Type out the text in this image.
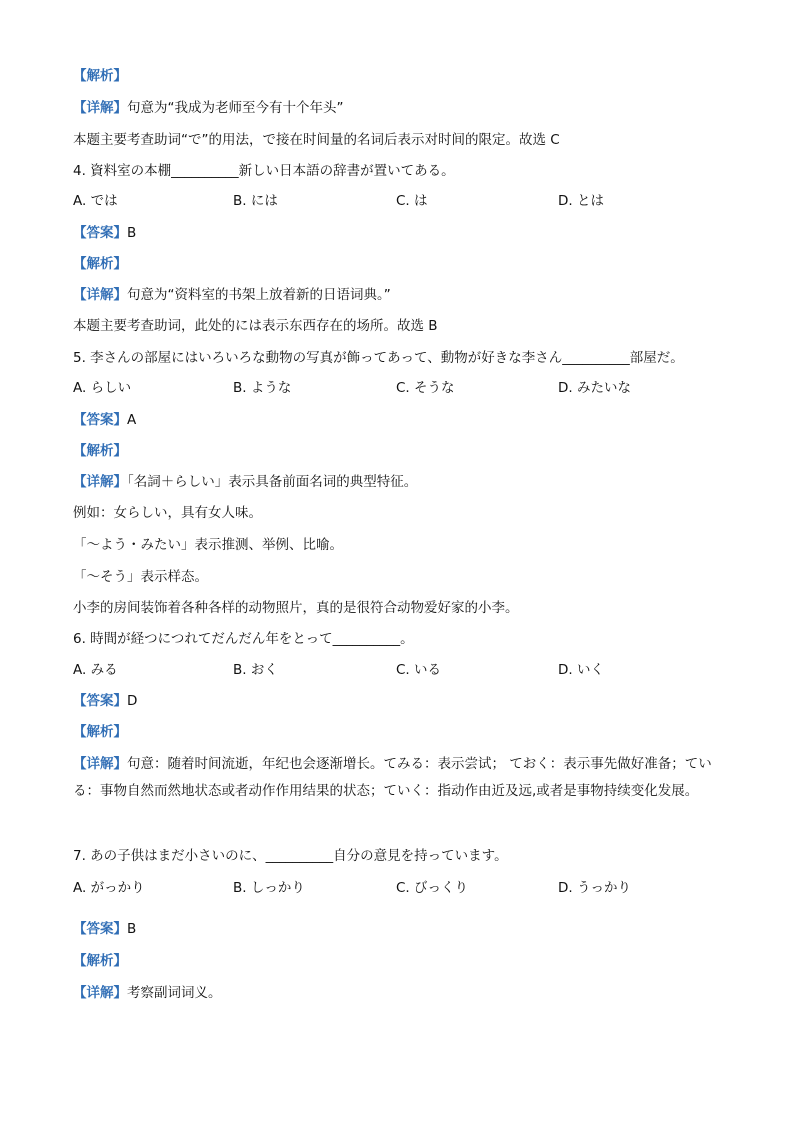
【解析】
【详解】句意为“我成为老师至今有十个年头”
本题主要考查助词“で”的用法，で接在时间量的名词后表示对时间的限定。故选 C
4. 資料室の本棚__________新しい日本語の辞書が置いてある。
A. では	B. には	C. は	D. とは
【答案】B
【解析】
【详解】句意为“资料室的书架上放着新的日语词典。”
本题主要考查助词，此处的には表示东西存在的场所。故选 B
5. 李さんの部屋にはいろいろな動物の写真が飾ってあって、動物が好きな李さん__________部屋だ。
A. らしい	B. ような	C. そうな	D. みたいな
【答案】A
【解析】
【详解】「名詞＋らしい」表示具备前面名词的典型特征。
例如：女らしい，具有女人味。
「～よう・みたい」表示推测、举例、比喻。
「～そう」表示样态。
小李的房间装饰着各种各样的动物照片，真的是很符合动物爱好家的小李。
6. 時間が経つにつれてだんだん年をとって__________。
A. みる	B. おく	C. いる	D. いく
【答案】D
【解析】
【详解】句意：随着时间流逝，年纪也会逐渐增长。てみる：表示尝试； ておく：表示事先做好准备；ている：事物自然而然地状态或者动作作用结果的状态；ていく：指动作由近及远,或者是事物持续变化发展。
7. あの子供はまだ小さいのに、__________自分の意見を持っています。
A. がっかり	B. しっかり	C. びっくり	D. うっかり
【答案】B
【解析】
【详解】考察副词词义。
